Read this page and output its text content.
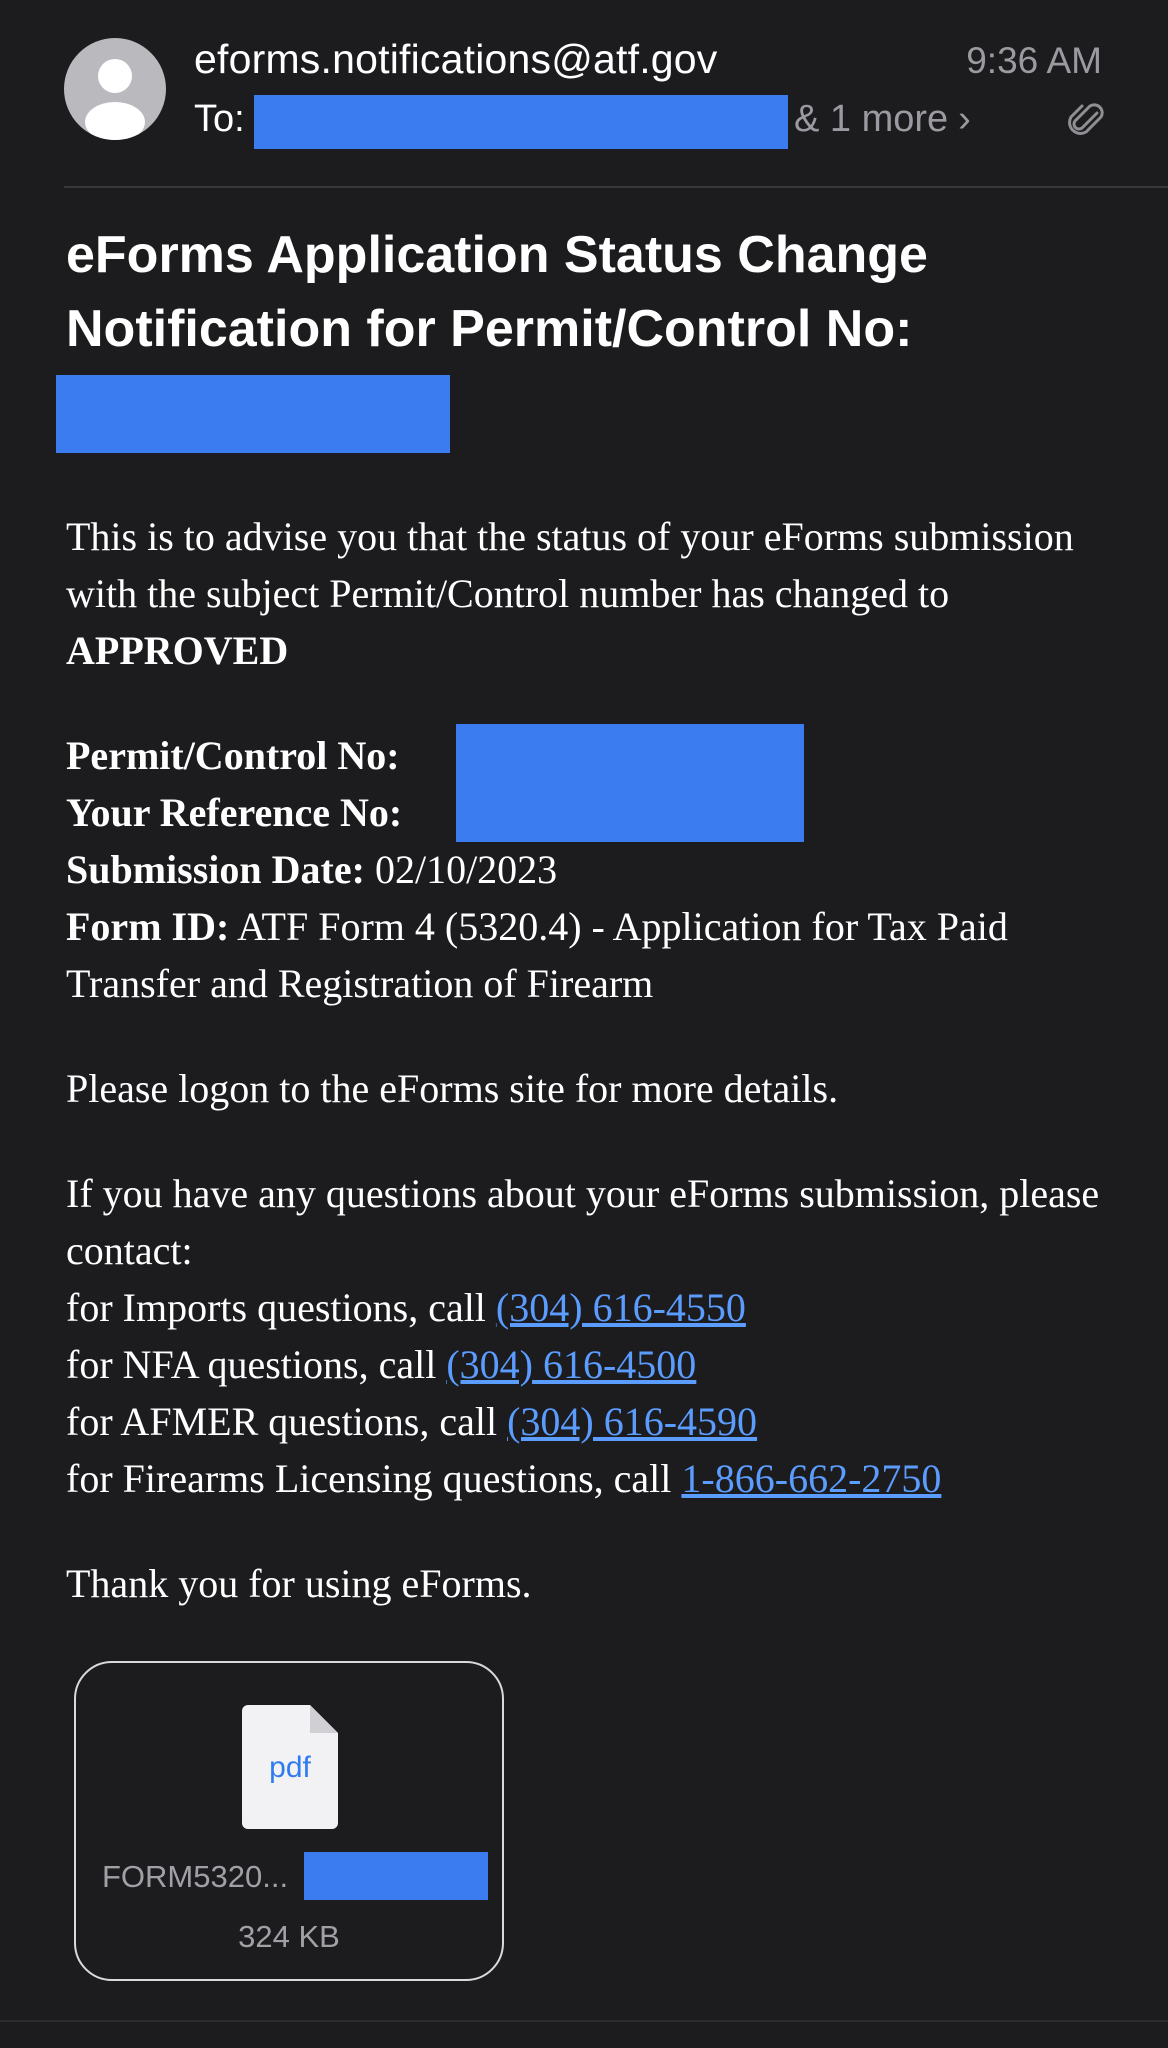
eforms.notifications@atf.gov	9:36 AM
To:	& 1 more ›
eForms Application Status Change Notification for Permit/Control No:

This is to advise you that the status of your eForms submission with the subject Permit/Control number has changed to APPROVED

Permit/Control No:
Your Reference No:
Submission Date: 02/10/2023

Form ID: ATF Form 4 (5320.4) - Application for Tax Paid Transfer and Registration of Firearm

Please logon to the eForms site for more details.

If you have any questions about your eForms submission, please contact:

for Imports questions, call (304) 616-4550
for NFA questions, call (304) 616-4500
for AFMER questions, call (304) 616-4590
for Firearms Licensing questions, call 1-866-662-2750

Thank you for using eForms.

pdf
FORM5320...
324 KB
